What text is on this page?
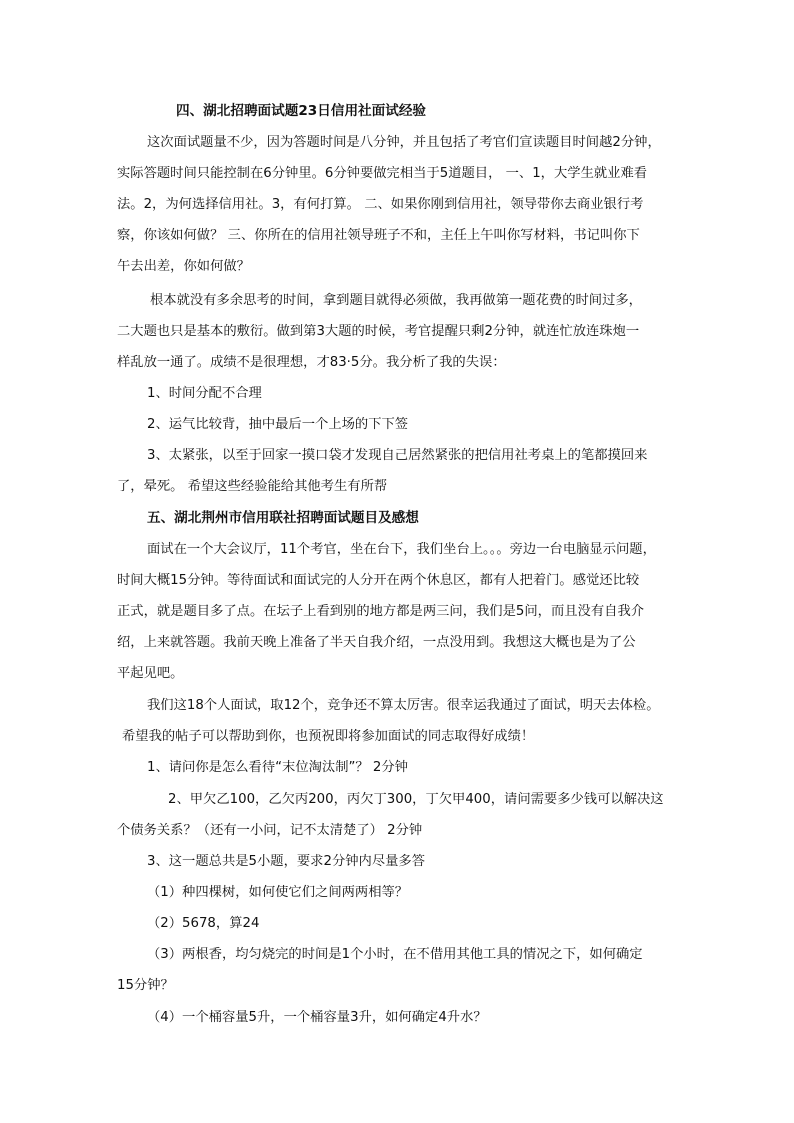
四、湖北招聘面试题23日信用社面试经验
这次面试题量不少，因为答题时间是八分钟，并且包括了考官们宣读题目时间越2分钟，
实际答题时间只能控制在6分钟里。6分钟要做完相当于5道题目， 一、1，大学生就业难看
法。2，为何选择信用社。3，有何打算。 二、如果你刚到信用社，领导带你去商业银行考
察，你该如何做？ 三、你所在的信用社领导班子不和，主任上午叫你写材料，书记叫你下
午去出差，你如何做？
根本就没有多余思考的时间，拿到题目就得必须做，我再做第一题花费的时间过多，
二大题也只是基本的敷衍。做到第3大题的时候，考官提醒只剩2分钟，就连忙放连珠炮一
样乱放一通了。成绩不是很理想，才83·5分。我分析了我的失误：
1、时间分配不合理
2、运气比较背，抽中最后一个上场的下下签
3、太紧张，以至于回家一摸口袋才发现自己居然紧张的把信用社考桌上的笔都摸回来
了，晕死。 希望这些经验能给其他考生有所帮
五、湖北荆州市信用联社招聘面试题目及感想
面试在一个大会议厅，11个考官，坐在台下，我们坐台上。。。旁边一台电脑显示问题，
时间大概15分钟。等待面试和面试完的人分开在两个休息区，都有人把着门。感觉还比较
正式，就是题目多了点。在坛子上看到别的地方都是两三问，我们是5问，而且没有自我介
绍，上来就答题。我前天晚上准备了半天自我介绍，一点没用到。我想这大概也是为了公
平起见吧。
我们这18个人面试，取12个，竞争还不算太厉害。很幸运我通过了面试，明天去体检。
希望我的帖子可以帮助到你，也预祝即将参加面试的同志取得好成绩！
1、请问你是怎么看待“末位淘汰制”？ 2分钟
2、甲欠乙100，乙欠丙200，丙欠丁300，丁欠甲400，请问需要多少钱可以解决这
个债务关系？（还有一小问，记不太清楚了） 2分钟
3、这一题总共是5小题，要求2分钟内尽量多答
（1）种四棵树，如何使它们之间两两相等？
（2）5678，算24
（3）两根香，均匀烧完的时间是1个小时，在不借用其他工具的情况之下，如何确定
15分钟？
（4）一个桶容量5升，一个桶容量3升，如何确定4升水？
